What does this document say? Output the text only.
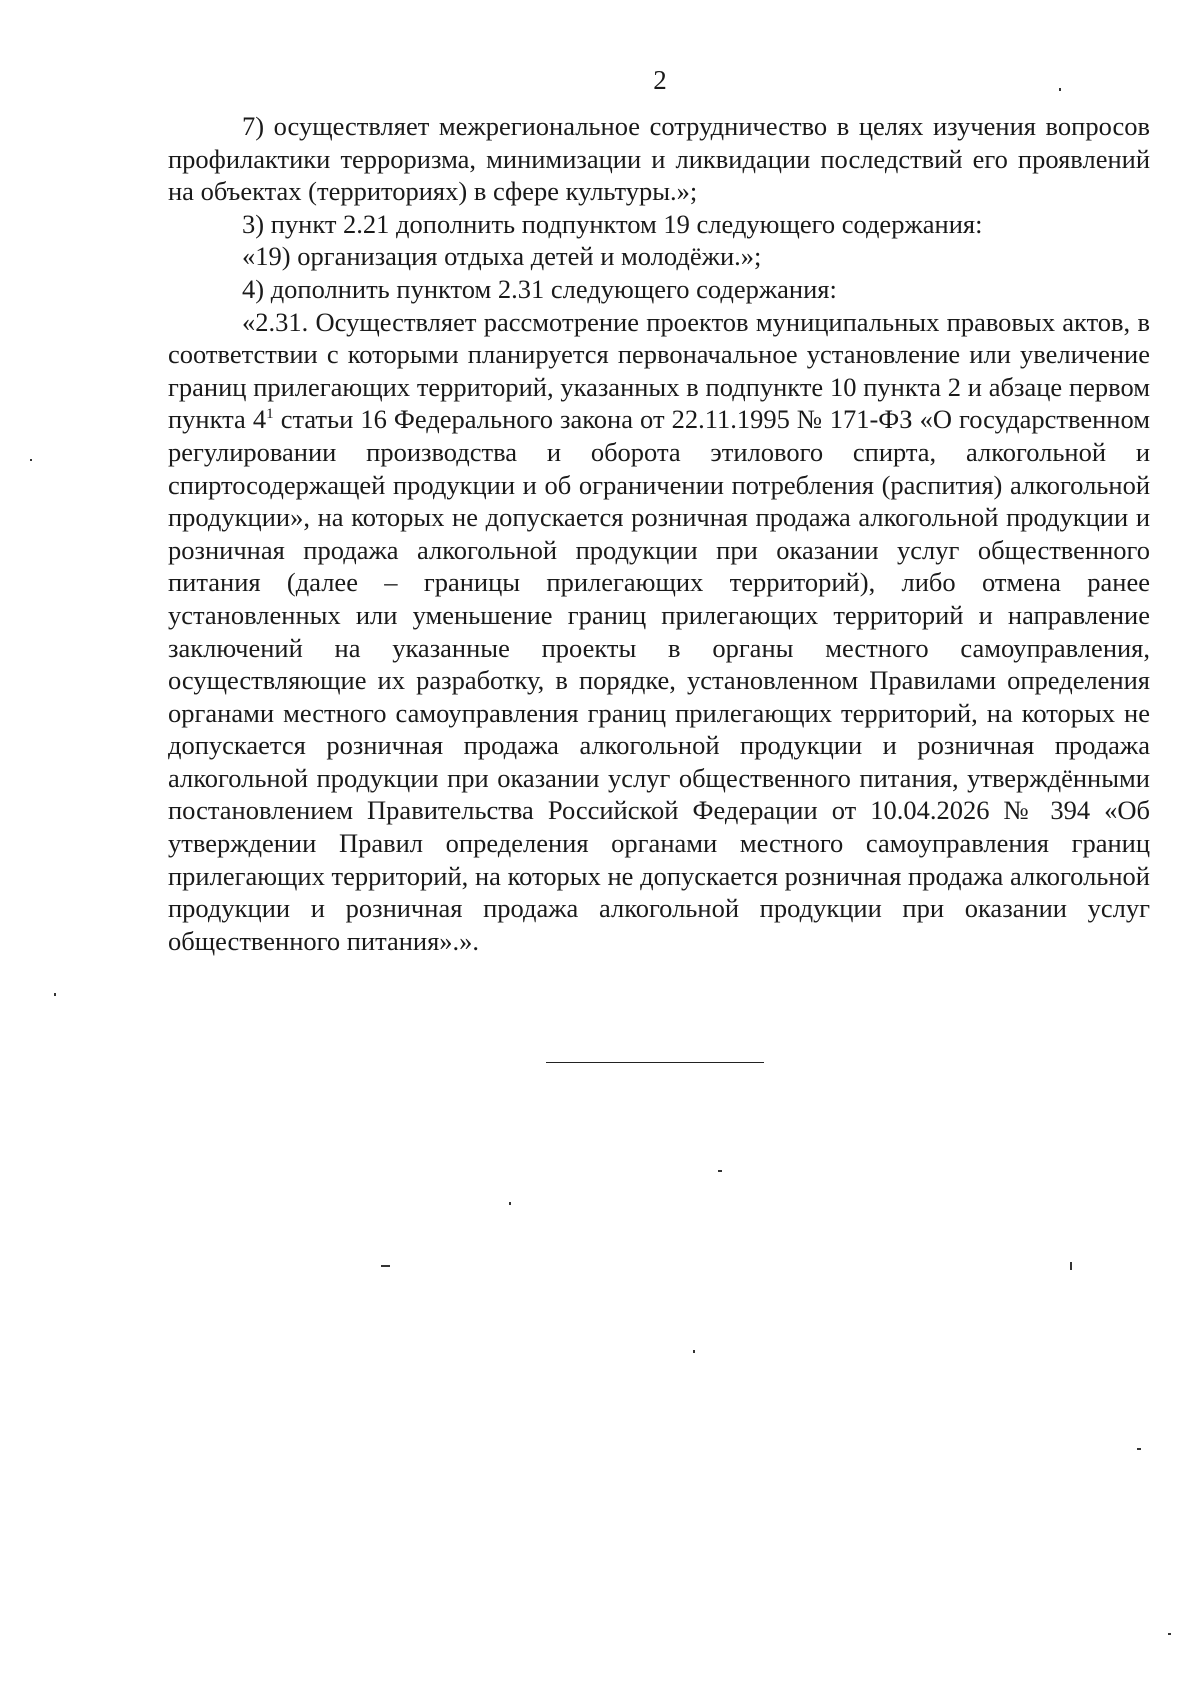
2

7) осуществляет межрегиональное сотрудничество в целях изучения вопросов профилактики терроризма, минимизации и ликвидации последствий его проявлений на объектах (территориях) в сфере культуры.»;

3) пункт 2.21 дополнить подпунктом 19 следующего содержания:

«19) организация отдыха детей и молодёжи.»;

4) дополнить пунктом 2.31 следующего содержания:

«2.31. Осуществляет рассмотрение проектов муниципальных правовых актов, в соответствии с которыми планируется первоначальное установление или увеличение границ прилегающих территорий, указанных в подпункте 10 пункта 2 и абзаце первом пункта $4^1$ статьи 16 Федерального закона от 22.11.1995 № 171-ФЗ «О государственном регулировании производства и оборота этилового спирта, алкогольной и спиртосодержащей продукции и об ограничении потребления (распития) алкогольной продукции», на которых не допускается розничная продажа алкогольной продукции и розничная продажа алкогольной продукции при оказании услуг общественного питания (далее – границы прилегающих территорий), либо отмена ранее установленных или уменьшение границ прилегающих территорий и направление заключений на указанные проекты в органы местного самоуправления, осуществляющие их разработку, в порядке, установленном Правилами определения органами местного самоуправления границ прилегающих территорий, на которых не допускается розничная продажа алкогольной продукции и розничная продажа алкогольной продукции при оказании услуг общественного питания, утверждёнными постановлением Правительства Российской Федерации от 10.04.2026 № 394 «Об утверждении Правил определения органами местного самоуправления границ прилегающих территорий, на которых не допускается розничная продажа алкогольной продукции и розничная продажа алкогольной продукции при оказании услуг общественного питания».».
